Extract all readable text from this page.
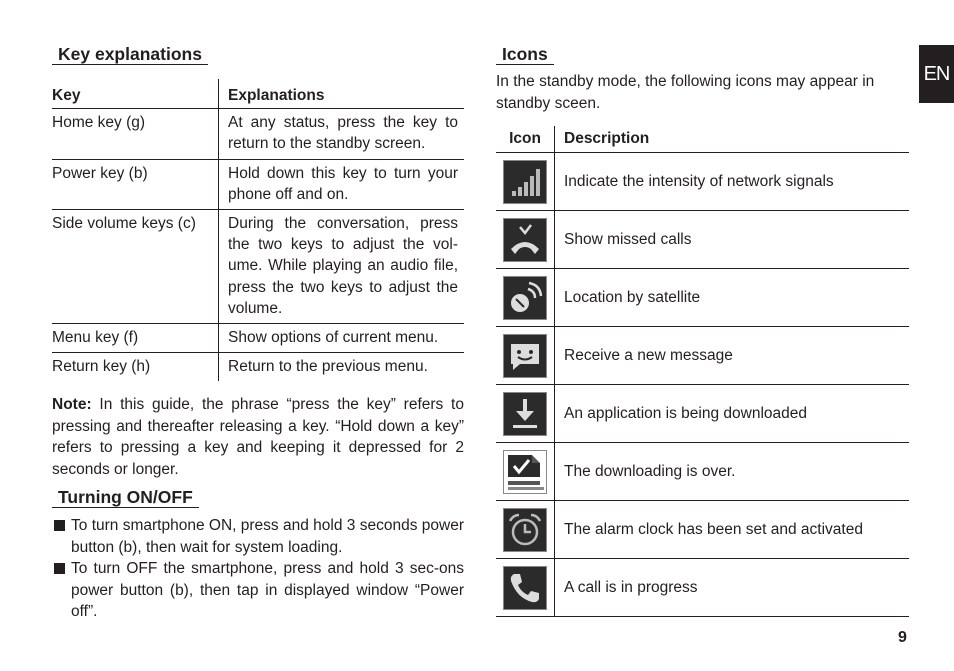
Key explanations
Key	Explanations
Home key (g)	At any status, press the key to return to the standby screen.
Power key (b)	Hold down this key to turn your phone off and on.
Side volume keys (c)	During the conversation, press the two keys to adjust the vol-ume. While playing an audio file, press the two keys to adjust the volume.
Menu key (f)	Show options of current menu.
Return key (h)	Return to the previous menu.
Note: In this guide, the phrase “press the key” refers to pressing and thereafter releasing a key. “Hold down a key” refers to pressing a key and keeping it depressed for 2 seconds or longer.
Turning ON/OFF
To turn smartphone ON, press and hold 3 seconds power button (b), then wait for system loading.
To turn OFF the smartphone, press and hold 3 sec-ons power button (b), then tap in displayed window “Power off”.
Icons
In the standby mode, the following icons may appear in standby sceen.
Icon	Description

	Indicate the intensity of network signals

	Show missed calls

	Location by satellite

	Receive a new message

	An application is being downloaded

	The downloading is over.

	The alarm clock has been set and activated

	A call is in progress
EN
9
